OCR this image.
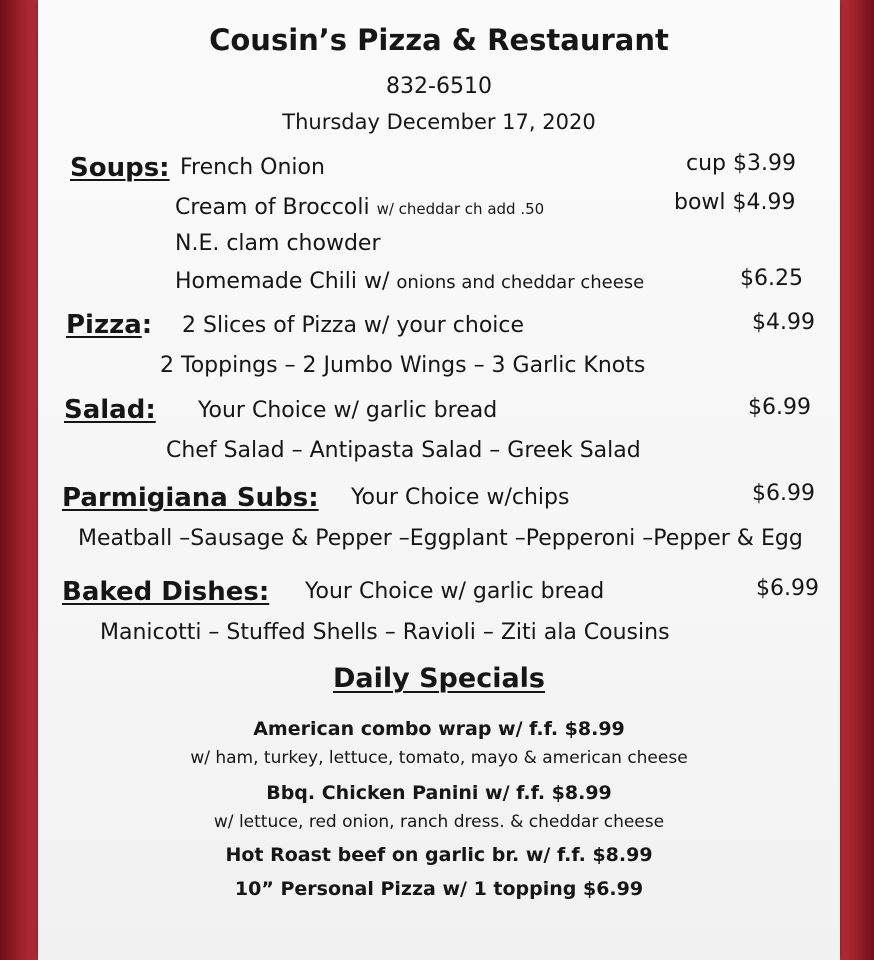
Cousin’s Pizza & Restaurant
832-6510
Thursday December 17, 2020
Soups: French Onion	cup $3.99
Cream of Broccoli w/ cheddar ch add .50	bowl $4.99
N.E. clam chowder
Homemade Chili w/ onions and cheddar cheese	$6.25
Pizza: 2 Slices of Pizza w/ your choice	$4.99
2 Toppings – 2 Jumbo Wings – 3 Garlic Knots
Salad: Your Choice w/ garlic bread	$6.99
Chef Salad – Antipasta Salad – Greek Salad
Parmigiana Subs: Your Choice w/chips	$6.99
Meatball –Sausage & Pepper –Eggplant –Pepperoni –Pepper & Egg
Baked Dishes: Your Choice w/ garlic bread	$6.99
Manicotti – Stuffed Shells – Ravioli – Ziti ala Cousins
Daily Specials
American combo wrap w/ f.f. $8.99
w/ ham, turkey, lettuce, tomato, mayo & american cheese
Bbq. Chicken Panini w/ f.f. $8.99
w/ lettuce, red onion, ranch dress. & cheddar cheese
Hot Roast beef on garlic br. w/ f.f. $8.99
10” Personal Pizza w/ 1 topping $6.99
